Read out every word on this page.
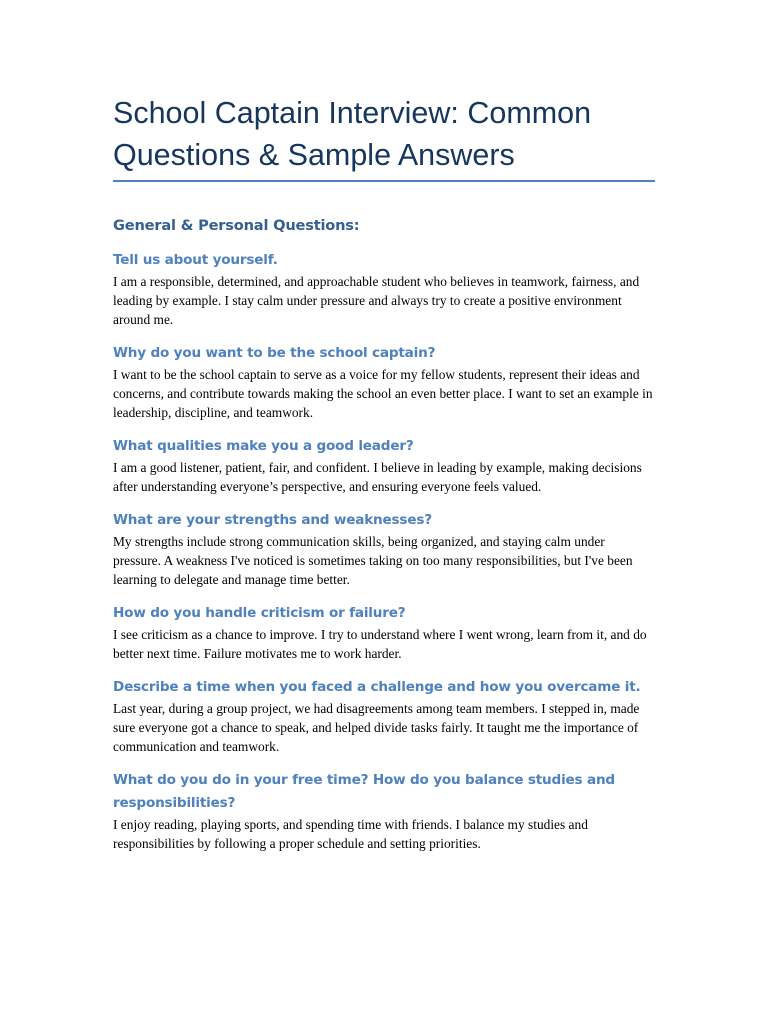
School Captain Interview: Common Questions & Sample Answers
General & Personal Questions:
Tell us about yourself.

I am a responsible, determined, and approachable student who believes in teamwork, fairness, and leading by example. I stay calm under pressure and always try to create a positive environment around me.

Why do you want to be the school captain?

I want to be the school captain to serve as a voice for my fellow students, represent their ideas and concerns, and contribute towards making the school an even better place. I want to set an example in leadership, discipline, and teamwork.

What qualities make you a good leader?

I am a good listener, patient, fair, and confident. I believe in leading by example, making decisions after understanding everyone’s perspective, and ensuring everyone feels valued.

What are your strengths and weaknesses?

My strengths include strong communication skills, being organized, and staying calm under pressure. A weakness I've noticed is sometimes taking on too many responsibilities, but I've been learning to delegate and manage time better.

How do you handle criticism or failure?

I see criticism as a chance to improve. I try to understand where I went wrong, learn from it, and do better next time. Failure motivates me to work harder.

Describe a time when you faced a challenge and how you overcame it.

Last year, during a group project, we had disagreements among team members. I stepped in, made sure everyone got a chance to speak, and helped divide tasks fairly. It taught me the importance of communication and teamwork.

What do you do in your free time? How do you balance studies and responsibilities?

I enjoy reading, playing sports, and spending time with friends. I balance my studies and responsibilities by following a proper schedule and setting priorities.
